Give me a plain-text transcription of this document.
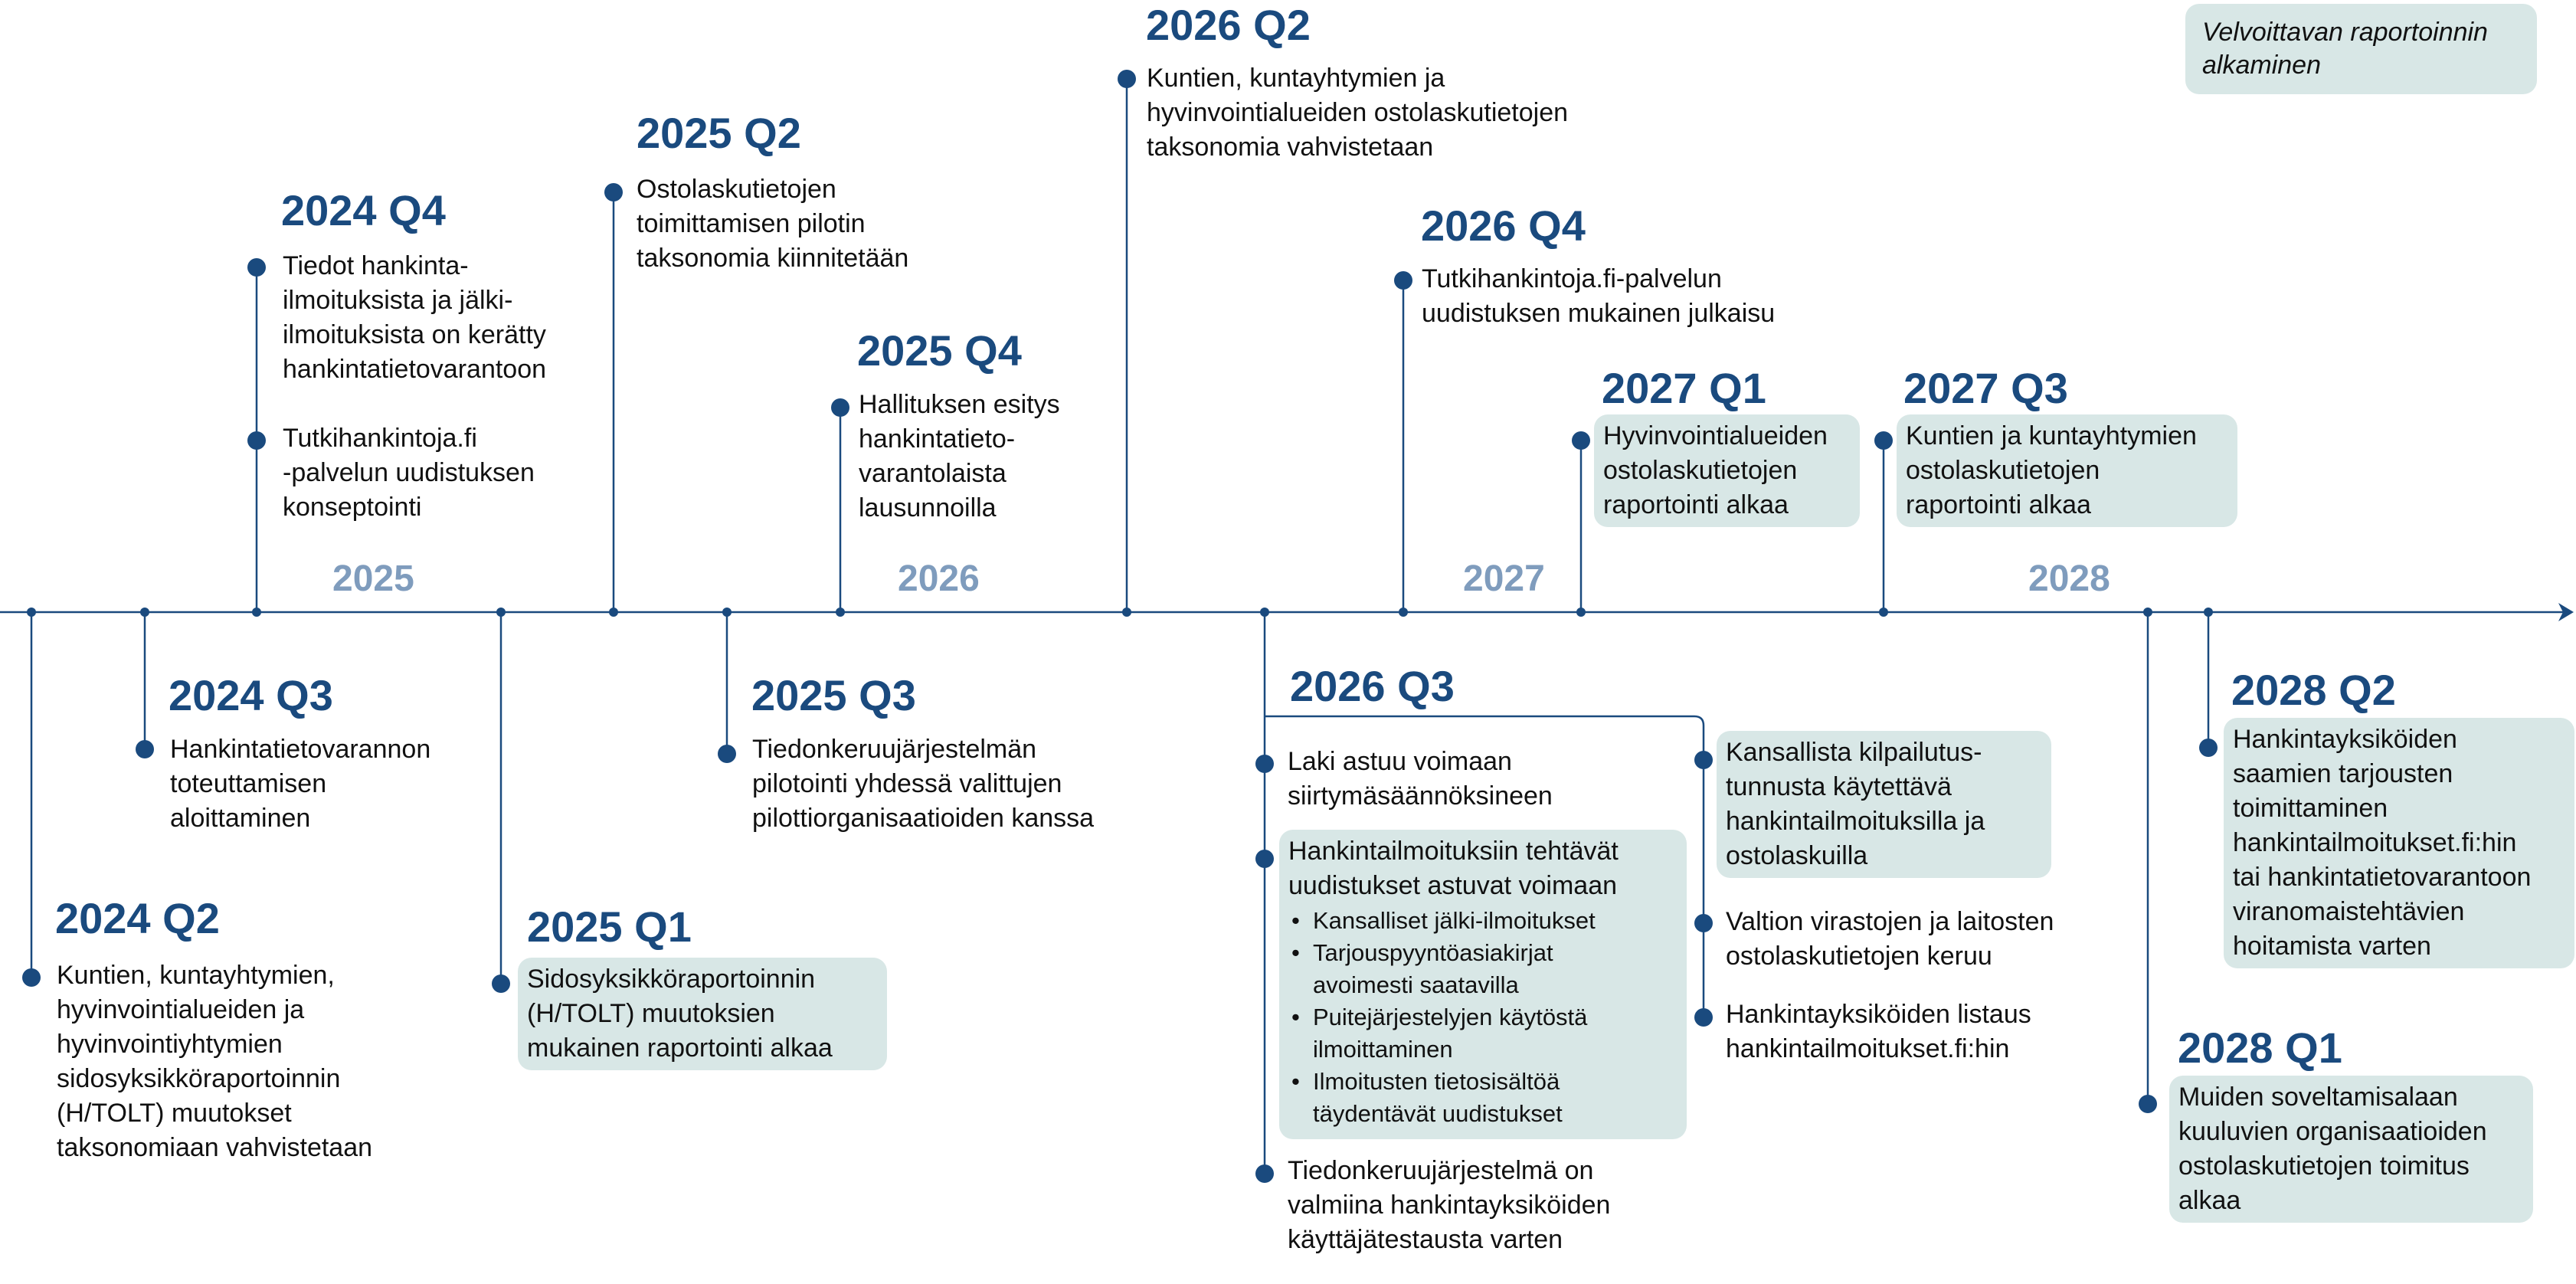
2025	2026	2027	2028
Velvoittavan raportoinnin alkaminen
2024 Q2
Kuntien, kuntayhtymien,
hyvinvointialueiden ja
hyvinvointiyhtymien
sidosyksikköraportoinnin
(H/TOLT) muutokset
taksonomiaan vahvistetaan
2024 Q3
Hankintatietovarannon
toteuttamisen
aloittaminen
2024 Q4
Tiedot hankinta-
ilmoituksista ja jälki-
ilmoituksista on kerätty
hankintatietovarantoon
Tutkihankintoja.fi
-palvelun uudistuksen
konseptointi
2025 Q1
Sidosyksikköraportoinnin
(H/TOLT) muutoksien
mukainen raportointi alkaa
2025 Q2
Ostolaskutietojen
toimittamisen pilotin
taksonomia kiinnitetään
2025 Q3
Tiedonkeruujärjestelmän
pilotointi yhdessä valittujen
pilottiorganisaatioiden kanssa
2025 Q4
Hallituksen esitys
hankintatieto-
varantolaista
lausunnoilla
2026 Q2
Kuntien, kuntayhtymien ja
hyvinvointialueiden ostolaskutietojen
taksonomia vahvistetaan
2026 Q3
Laki astuu voimaan
siirtymäsäännöksineen
Hankintailmoituksiin tehtävät
uudistukset astuvat voimaan
• Kansalliset jälki-ilmoitukset
• Tarjouspyyntöasiakirjat
avoimesti saatavilla
• Puitejärjestelyjen käytöstä
ilmoittaminen
• Ilmoitusten tietosisältöä
täydentävät uudistukset
Tiedonkeruujärjestelmä on
valmiina hankintayksiköiden
käyttäjätestausta varten
Kansallista kilpailutus-
tunnusta käytettävä
hankintailmoituksilla ja
ostolaskuilla
Valtion virastojen ja laitosten
ostolaskutietojen keruu
Hankintayksiköiden listaus
hankintailmoitukset.fi:hin
2026 Q4
Tutkihankintoja.fi-palvelun
uudistuksen mukainen julkaisu
2027 Q1
Hyvinvointialueiden
ostolaskutietojen
raportointi alkaa
2027 Q3
Kuntien ja kuntayhtymien
ostolaskutietojen
raportointi alkaa
2028 Q1
Muiden soveltamisalaan
kuuluvien organisaatioiden
ostolaskutietojen toimitus
alkaa
2028 Q2
Hankintayksiköiden
saamien tarjousten
toimittaminen
hankintailmoitukset.fi:hin
tai hankintatietovarantoon
viranomaistehtävien
hoitamista varten
